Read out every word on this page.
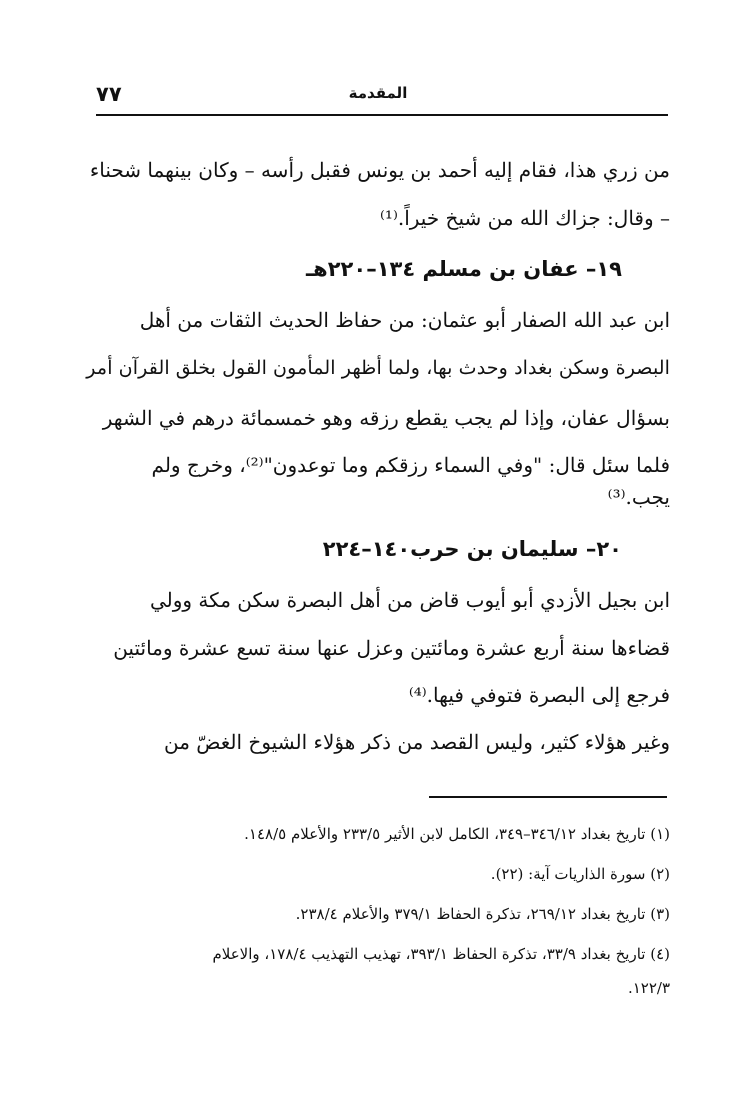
المقدمة
٧٧
من زري هذا، فقام إليه أحمد بن يونس فقبل رأسه – وكان بينهما شحناء
– وقال: جزاك الله من شيخ خيراً.⁽¹⁾
١٩– عفان بن مسلم ١٣٤–٢٢٠هـ
ابن عبد الله الصفار أبو عثمان: من حفاظ الحديث الثقات من أهل
البصرة وسكن بغداد وحدث بها، ولما أظهر المأمون القول بخلق القرآن أمر
بسؤال عفان، وإذا لم يجب يقطع رزقه وهو خمسمائة درهم في الشهر
فلما سئل قال: "وفي السماء رزقكم وما توعدون"⁽²⁾، وخرج ولم
يجب.⁽³⁾
٢٠– سليمان بن حرب١٤٠–٢٢٤
ابن بجيل الأزدي أبو أيوب قاض من أهل البصرة سكن مكة وولي
قضاءها سنة أربع عشرة ومائتين وعزل عنها سنة تسع عشرة ومائتين
فرجع إلى البصرة فتوفي فيها.⁽⁴⁾
وغير هؤلاء كثير، وليس القصد من ذكر هؤلاء الشيوخ الغضّ من
(١) تاريخ بغداد ٣٤٦/١٢–٣٤٩، الكامل لابن الأثير ٢٣٣/٥ والأعلام ١٤٨/٥.
(٢) سورة الذاريات آية: (٢٢).
(٣) تاريخ بغداد ٢٦٩/١٢، تذكرة الحفاظ ٣٧٩/١ والأعلام ٢٣٨/٤.
(٤) تاريخ بغداد ٣٣/٩، تذكرة الحفاظ ٣٩٣/١، تهذيب التهذيب ١٧٨/٤، والاعلام
١٢٢/٣.
